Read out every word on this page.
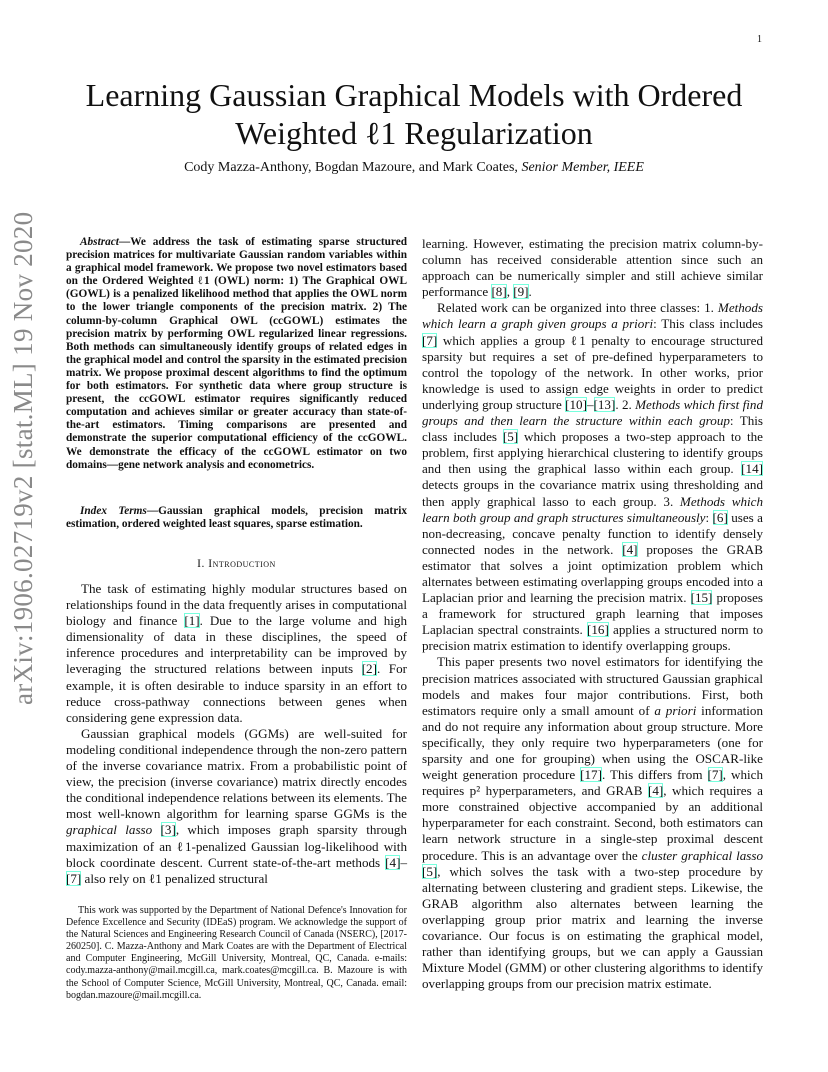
1
arXiv:1906.02719v2 [stat.ML] 19 Nov 2020
Learning Gaussian Graphical Models with Ordered
Weighted ℓ1 Regularization
Cody Mazza-Anthony, Bogdan Mazoure, and Mark Coates, Senior Member, IEEE
Abstract—We address the task of estimating sparse structured precision matrices for multivariate Gaussian random variables within a graphical model framework. We propose two novel estimators based on the Ordered Weighted ℓ1 (OWL) norm: 1) The Graphical OWL (GOWL) is a penalized likelihood method that applies the OWL norm to the lower triangle components of the precision matrix. 2) The column-by-column Graphical OWL (ccGOWL) estimates the precision matrix by performing OWL regularized linear regressions. Both methods can simultaneously identify groups of related edges in the graphical model and control the sparsity in the estimated precision matrix. We propose proximal descent algorithms to find the optimum for both estimators. For synthetic data where group structure is present, the ccGOWL estimator requires significantly reduced computation and achieves similar or greater accuracy than state-of-the-art estimators. Timing comparisons are presented and demonstrate the superior computational efficiency of the ccGOWL. We demonstrate the efficacy of the ccGOWL estimator on two domains—gene network analysis and econometrics.
Index Terms—Gaussian graphical models, precision matrix estimation, ordered weighted least squares, sparse estimation.
I. Introduction

The task of estimating highly modular structures based on relationships found in the data frequently arises in computational biology and finance [1]. Due to the large volume and high dimensionality of data in these disciplines, the speed of inference procedures and interpretability can be improved by leveraging the structured relations between inputs [2]. For example, it is often desirable to induce sparsity in an effort to reduce cross-pathway connections between genes when considering gene expression data.

Gaussian graphical models (GGMs) are well-suited for modeling conditional independence through the non-zero pattern of the inverse covariance matrix. From a probabilistic point of view, the precision (inverse covariance) matrix directly encodes the conditional independence relations between its elements. The most well-known algorithm for learning sparse GGMs is the graphical lasso [3], which imposes graph sparsity through maximization of an ℓ1-penalized Gaussian log-likelihood with block coordinate descent. Current state-of-the-art methods [4]–[7] also rely on ℓ1 penalized structural

This work was supported by the Department of National Defence's Innovation for Defence Excellence and Security (IDEaS) program. We acknowledge the support of the Natural Sciences and Engineering Research Council of Canada (NSERC), [2017-260250]. C. Mazza-Anthony and Mark Coates are with the Department of Electrical and Computer Engineering, McGill University, Montreal, QC, Canada. e-mails: cody.mazza-anthony@mail.mcgill.ca, mark.coates@mcgill.ca. B. Mazoure is with the School of Computer Science, McGill University, Montreal, QC, Canada. email: bogdan.mazoure@mail.mcgill.ca.

learning. However, estimating the precision matrix column-by-column has received considerable attention since such an approach can be numerically simpler and still achieve similar performance [8], [9].

Related work can be organized into three classes: 1. Methods which learn a graph given groups a priori: This class includes [7] which applies a group ℓ1 penalty to encourage structured sparsity but requires a set of pre-defined hyperparameters to control the topology of the network. In other works, prior knowledge is used to assign edge weights in order to predict underlying group structure [10]–[13]. 2. Methods which first find groups and then learn the structure within each group: This class includes [5] which proposes a two-step approach to the problem, first applying hierarchical clustering to identify groups and then using the graphical lasso within each group. [14] detects groups in the covariance matrix using thresholding and then apply graphical lasso to each group. 3. Methods which learn both group and graph structures simultaneously: [6] uses a non-decreasing, concave penalty function to identify densely connected nodes in the network. [4] proposes the GRAB estimator that solves a joint optimization problem which alternates between estimating overlapping groups encoded into a Laplacian prior and learning the precision matrix. [15] proposes a framework for structured graph learning that imposes Laplacian spectral constraints. [16] applies a structured norm to precision matrix estimation to identify overlapping groups.

This paper presents two novel estimators for identifying the precision matrices associated with structured Gaussian graphical models and makes four major contributions. First, both estimators require only a small amount of a priori information and do not require any information about group structure. More specifically, they only require two hyperparameters (one for sparsity and one for grouping) when using the OSCAR-like weight generation procedure [17]. This differs from [7], which requires p² hyperparameters, and GRAB [4], which requires a more constrained objective accompanied by an additional hyperparameter for each constraint. Second, both estimators can learn network structure in a single-step proximal descent procedure. This is an advantage over the cluster graphical lasso [5], which solves the task with a two-step procedure by alternating between clustering and gradient steps. Likewise, the GRAB algorithm also alternates between learning the overlapping group prior matrix and learning the inverse covariance. Our focus is on estimating the graphical model, rather than identifying groups, but we can apply a Gaussian Mixture Model (GMM) or other clustering algorithms to identify overlapping groups from our precision matrix estimate.
